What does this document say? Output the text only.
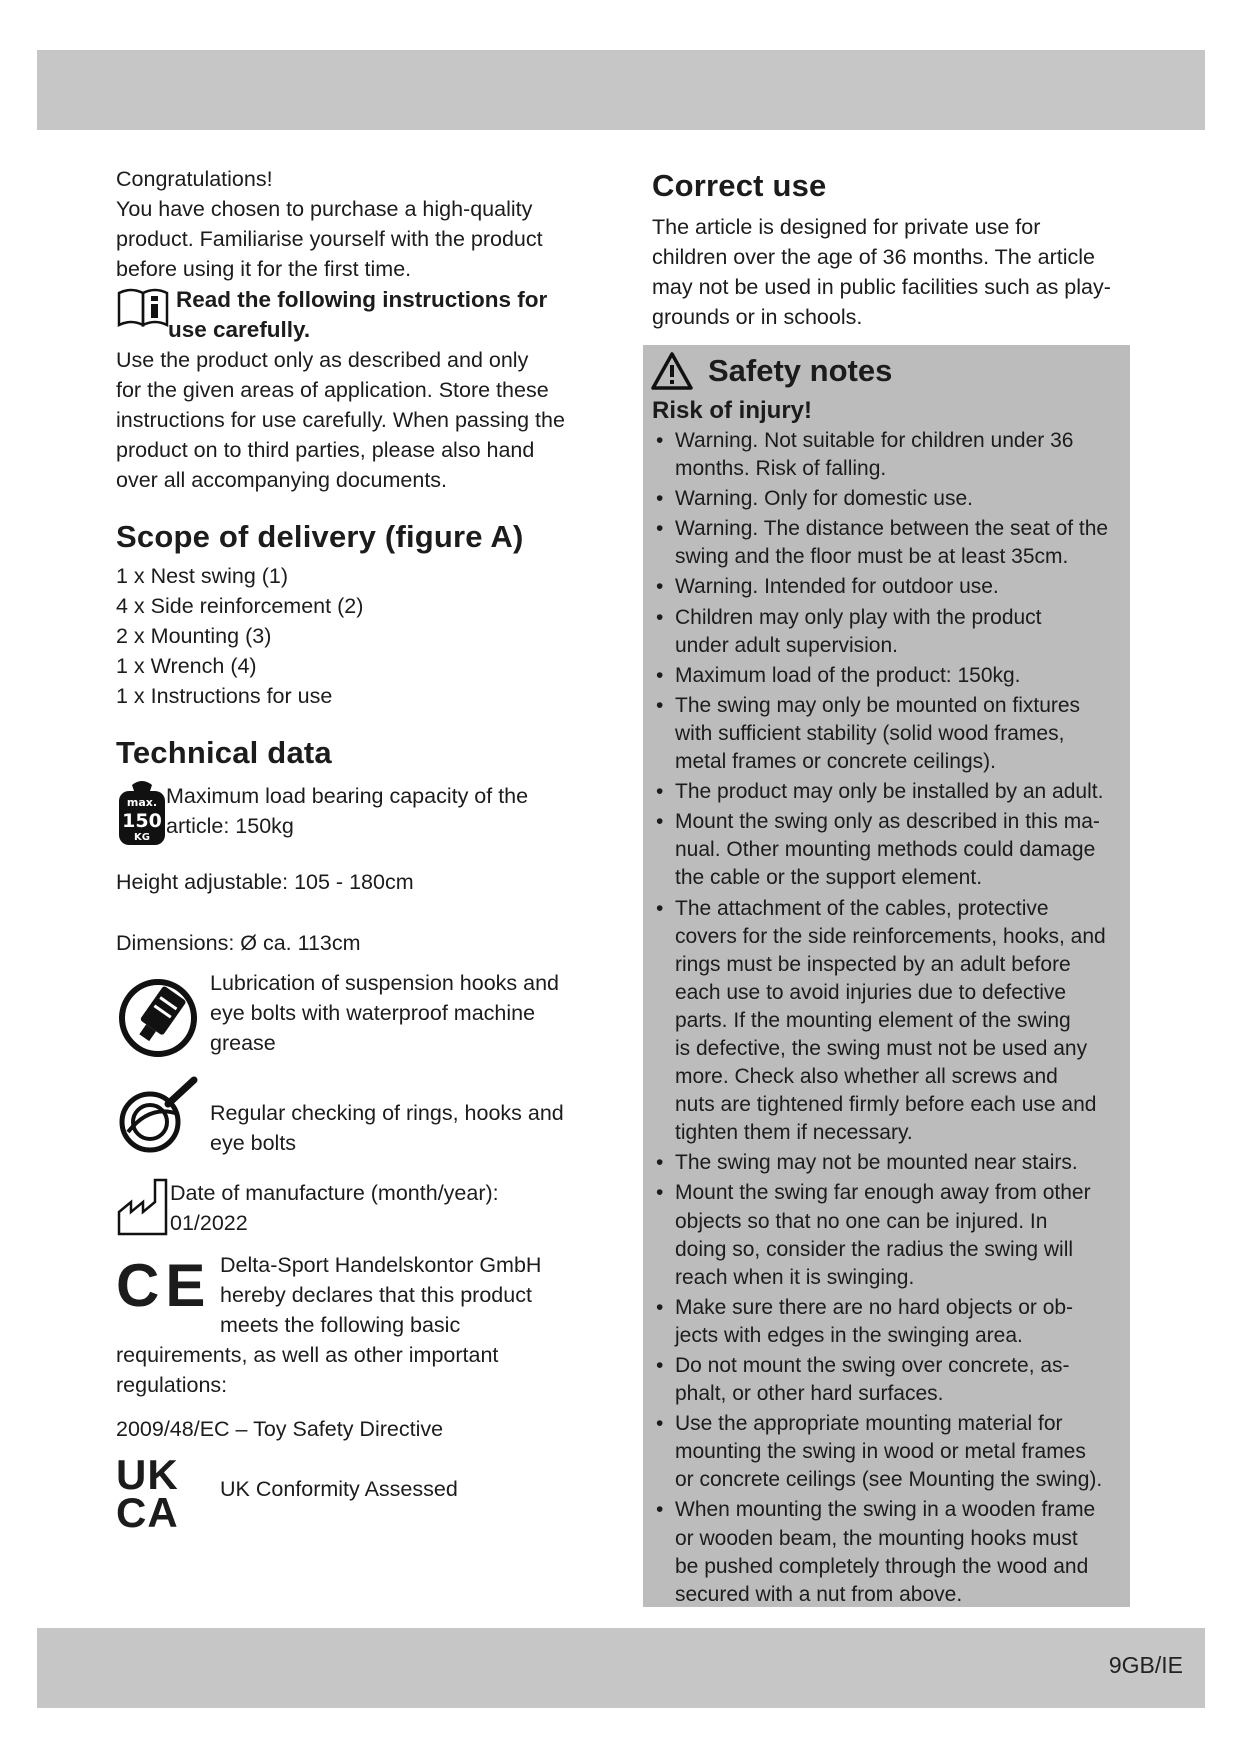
Congratulations!
You have chosen to purchase a high-quality
product. Familiarise yourself with the product
before using it for the first time.
Read the following instructions for
use carefully.
Use the product only as described and only
for the given areas of application. Store these
instructions for use carefully. When passing the
product on to third parties, please also hand
over all accompanying documents.
Scope of delivery (figure A)
1 x Nest swing (1)
4 x Side reinforcement (2)
2 x Mounting (3)
1 x Wrench (4)
1 x Instructions for use
Technical data
max.
150
KG
Maximum load bearing capacity of the
article: 150kg
Height adjustable: 105 - 180cm
Dimensions: Ø ca. 113cm
Lubrication of suspension hooks and
eye bolts with waterproof machine
grease
Regular checking of rings, hooks and
eye bolts
Date of manufacture (month/year):
01/2022
CE Delta-Sport Handelskontor GmbH
hereby declares that this product
meets the following basic
requirements, as well as other important
regulations:
2009/48/EC – Toy Safety Directive
UK
CA	UK Conformity Assessed
Correct use
The article is designed for private use for
children over the age of 36 months. The article
may not be used in public facilities such as play-
grounds or in schools.
Safety notes
Risk of injury!
• Warning. Not suitable for children under 36
months. Risk of falling.
• Warning. Only for domestic use.
• Warning. The distance between the seat of the
swing and the floor must be at least 35cm.
• Warning. Intended for outdoor use.
• Children may only play with the product
under adult supervision.
• Maximum load of the product: 150kg.
• The swing may only be mounted on fixtures
with sufficient stability (solid wood frames,
metal frames or concrete ceilings).
• The product may only be installed by an adult.
• Mount the swing only as described in this ma-
nual. Other mounting methods could damage
the cable or the support element.
• The attachment of the cables, protective
covers for the side reinforcements, hooks, and
rings must be inspected by an adult before
each use to avoid injuries due to defective
parts. If the mounting element of the swing
is defective, the swing must not be used any
more. Check also whether all screws and
nuts are tightened firmly before each use and
tighten them if necessary.
• The swing may not be mounted near stairs.
• Mount the swing far enough away from other
objects so that no one can be injured. In
doing so, consider the radius the swing will
reach when it is swinging.
• Make sure there are no hard objects or ob-
jects with edges in the swinging area.
• Do not mount the swing over concrete, as-
phalt, or other hard surfaces.
• Use the appropriate mounting material for
mounting the swing in wood or metal frames
or concrete ceilings (see Mounting the swing).
• When mounting the swing in a wooden frame
or wooden beam, the mounting hooks must
be pushed completely through the wood and
secured with a nut from above.
9GB/IE
